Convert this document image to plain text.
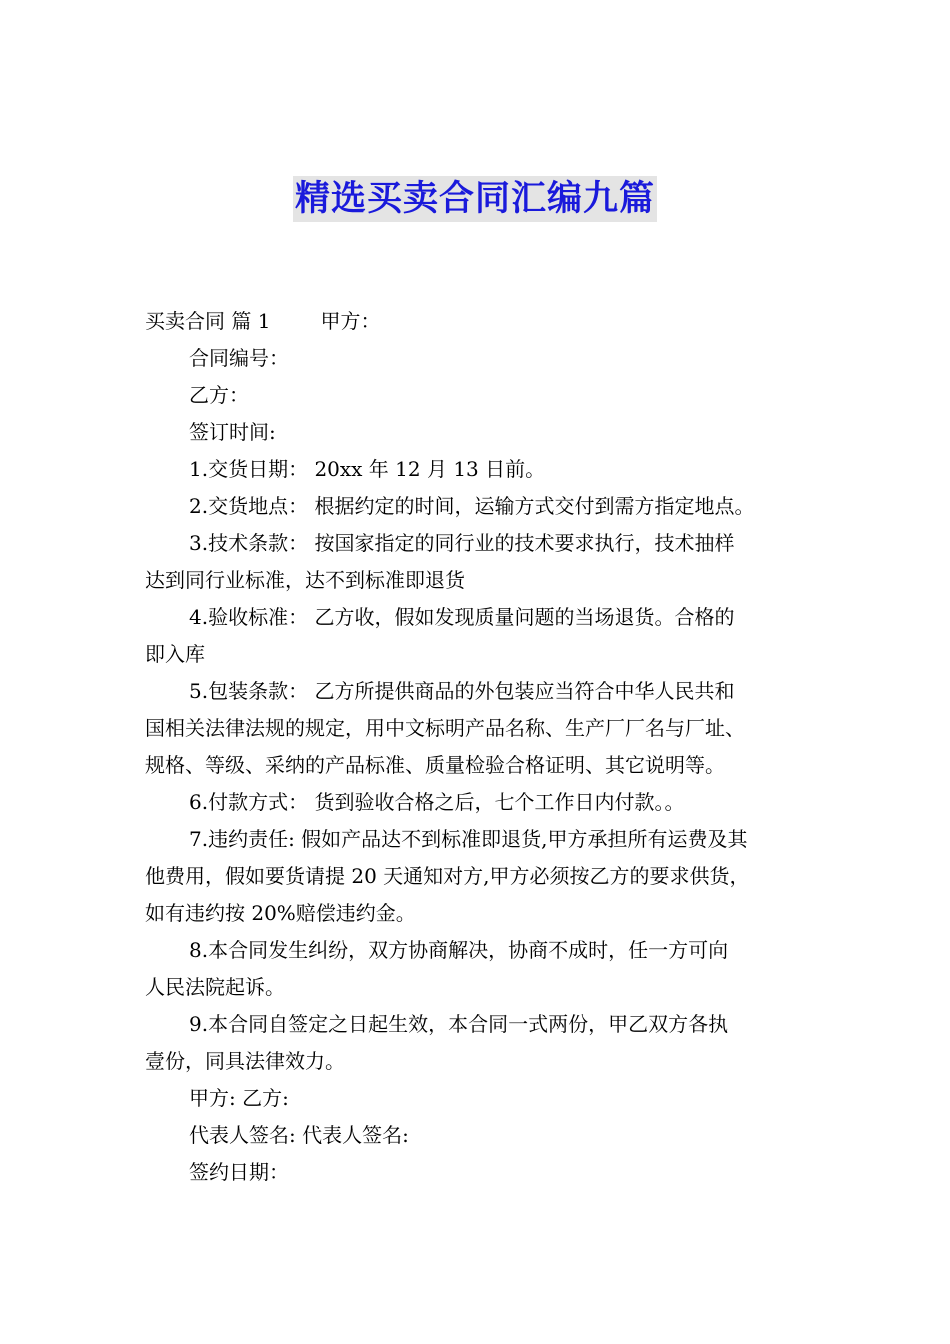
精选买卖合同汇编九篇

买卖合同 篇 1	甲方：

合同编号：

乙方：

签订时间:

1.交货日期： 20xx 年 12 月 13 日前。

2.交货地点： 根据约定的时间，运输方式交付到需方指定地点。

3.技术条款： 按国家指定的同行业的技术要求执行，技术抽样

达到同行业标准，达不到标准即退货

4.验收标准： 乙方收，假如发现质量问题的当场退货。合格的

即入库

5.包装条款： 乙方所提供商品的外包装应当符合中华人民共和

国相关法律法规的规定，用中文标明产品名称、生产厂厂名与厂址、

规格、等级、采纳的产品标准、质量检验合格证明、其它说明等。

6.付款方式： 货到验收合格之后，七个工作日内付款。。

7.违约责任: 假如产品达不到标准即退货,甲方承担所有运费及其

他费用，假如要货请提 20 天通知对方,甲方必须按乙方的要求供货，

如有违约按 20%赔偿违约金。

8.本合同发生纠纷，双方协商解决，协商不成时，任一方可向

人民法院起诉。

9.本合同自签定之日起生效，本合同一式两份，甲乙双方各执

壹份，同具法律效力。

甲方: 乙方:

代表人签名: 代表人签名:

签约日期：
